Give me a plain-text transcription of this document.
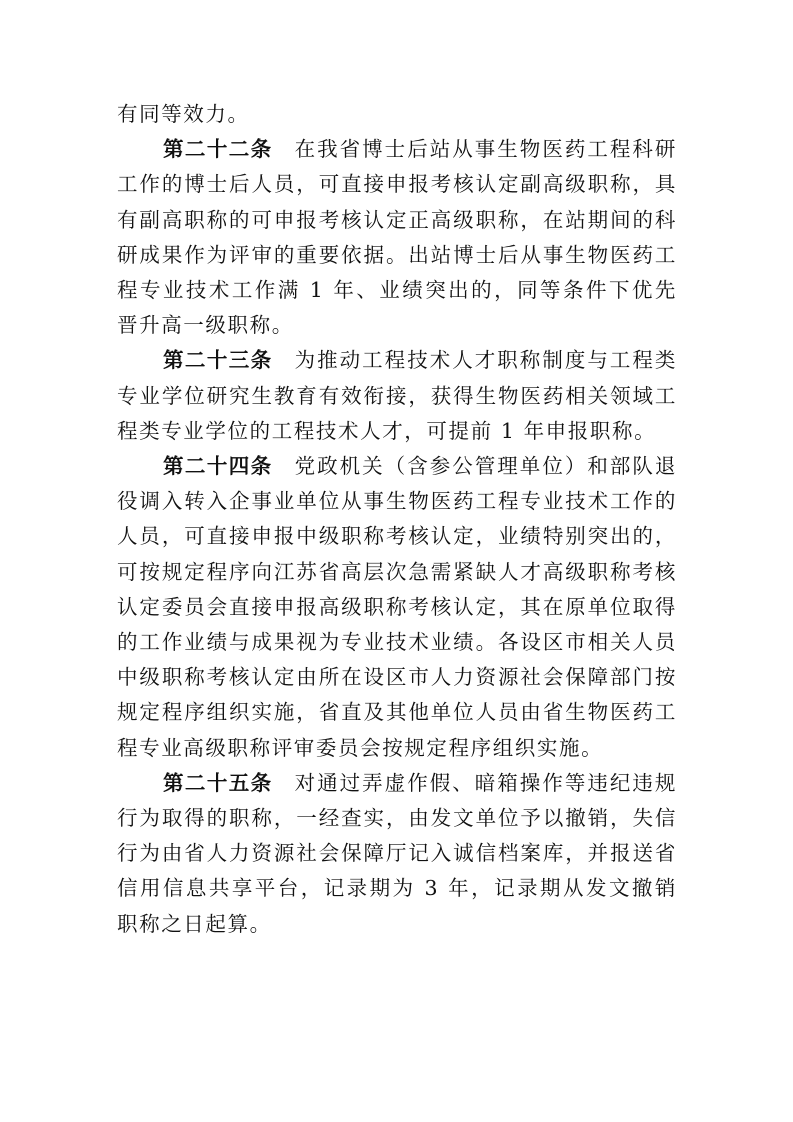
有同等效力。

第二十二条 在我省博士后站从事生物医药工程科研工作的博士后人员，可直接申报考核认定副高级职称，具有副高职称的可申报考核认定正高级职称，在站期间的科研成果作为评审的重要依据。出站博士后从事生物医药工程专业技术工作满 1 年、业绩突出的，同等条件下优先晋升高一级职称。

第二十三条 为推动工程技术人才职称制度与工程类专业学位研究生教育有效衔接，获得生物医药相关领域工程类专业学位的工程技术人才，可提前 1 年申报职称。

第二十四条 党政机关（含参公管理单位）和部队退役调入转入企事业单位从事生物医药工程专业技术工作的人员，可直接申报中级职称考核认定，业绩特别突出的，可按规定程序向江苏省高层次急需紧缺人才高级职称考核认定委员会直接申报高级职称考核认定，其在原单位取得的工作业绩与成果视为专业技术业绩。各设区市相关人员中级职称考核认定由所在设区市人力资源社会保障部门按规定程序组织实施，省直及其他单位人员由省生物医药工程专业高级职称评审委员会按规定程序组织实施。

第二十五条 对通过弄虚作假、暗箱操作等违纪违规行为取得的职称，一经查实，由发文单位予以撤销，失信行为由省人力资源社会保障厅记入诚信档案库，并报送省信用信息共享平台，记录期为 3 年，记录期从发文撤销职称之日起算。
